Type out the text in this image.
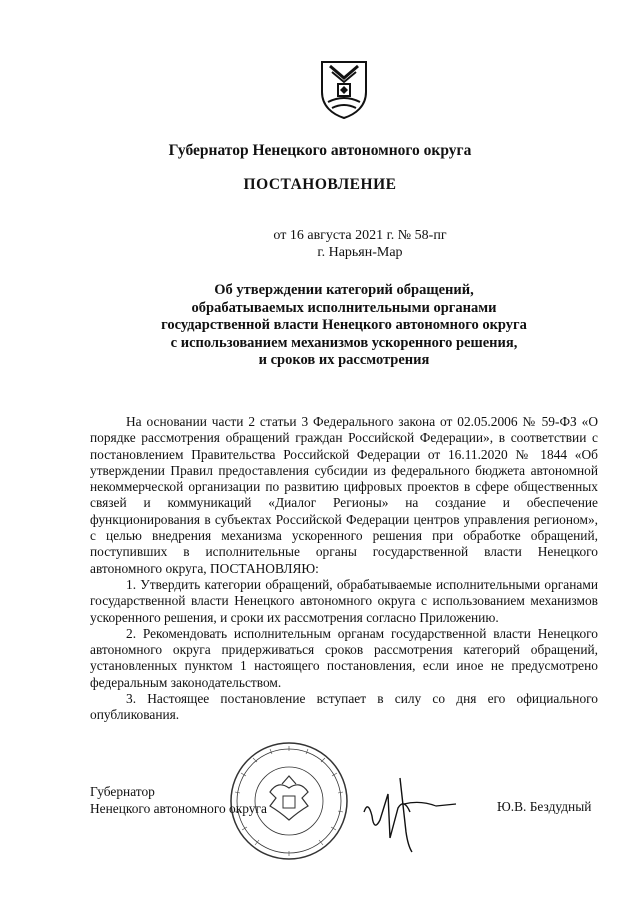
Губернатор Ненецкого автономного округа
ПОСТАНОВЛЕНИЕ
от 16 августа 2021 г. № 58-пг
г. Нарьян-Мар
Об утверждении категорий обращений,
обрабатываемых исполнительными органами
государственной власти Ненецкого автономного округа
с использованием механизмов ускоренного решения,
и сроков их рассмотрения

На основании части 2 статьи 3 Федерального закона от 02.05.2006 № 59-ФЗ «О порядке рассмотрения обращений граждан Российской Федерации», в соответствии с постановлением Правительства Российской Федерации от 16.11.2020 № 1844 «Об утверждении Правил предоставления субсидии из федерального бюджета автономной некоммерческой организации по развитию цифровых проектов в сфере общественных связей и коммуникаций «Диалог Регионы» на создание и обеспечение функционирования в субъектах Российской Федерации центров управления регионом», с целью внедрения механизма ускоренного решения при обработке обращений, поступивших в исполнительные органы государственной власти Ненецкого автономного округа, ПОСТАНОВЛЯЮ:

1. Утвердить категории обращений, обрабатываемые исполнительными органами государственной власти Ненецкого автономного округа с использованием механизмов ускоренного решения, и сроки их рассмотрения согласно Приложению.

2. Рекомендовать исполнительным органам государственной власти Ненецкого автономного округа придерживаться сроков рассмотрения категорий обращений, установленных пунктом 1 настоящего постановления, если иное не предусмотрено федеральным законодательством.

3. Настоящее постановление вступает в силу со дня его официального опубликования.

Губернатор
Ненецкого автономного округа	Ю.В. Бездудный
